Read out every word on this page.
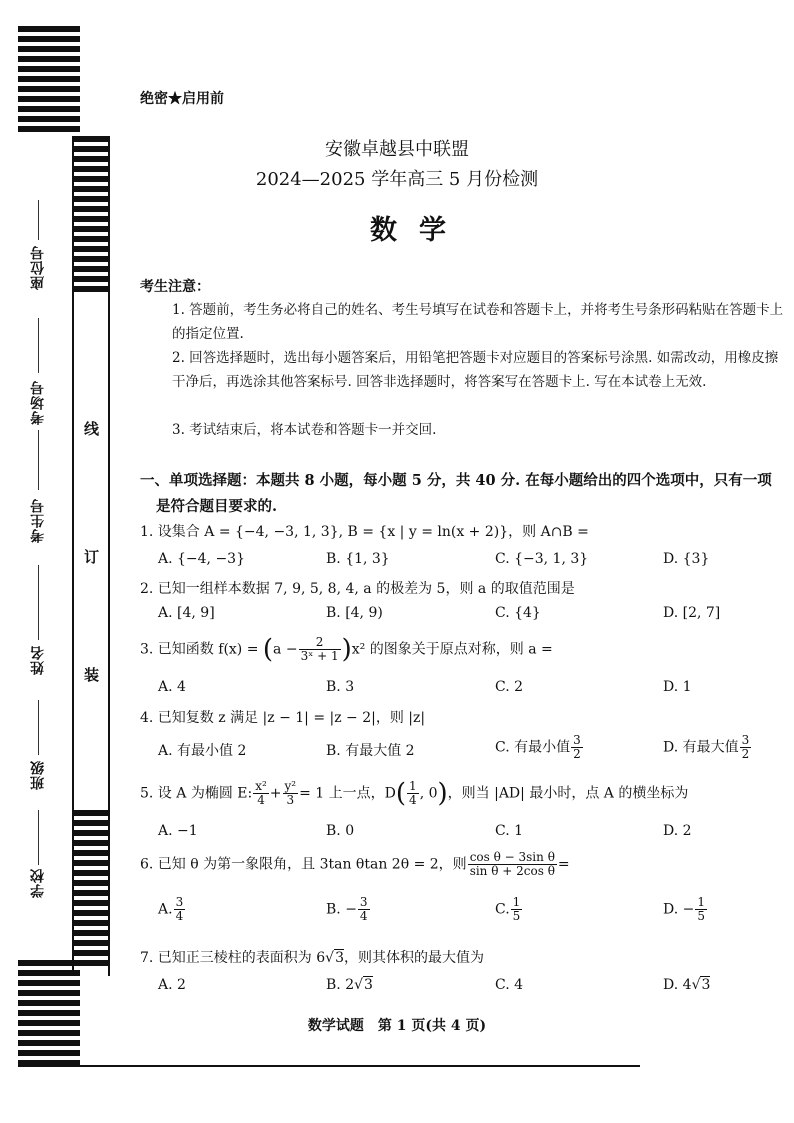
座位号
考场号
考生号
姓名
班级
学校
线
订
装
绝密★启用前
安徽卓越县中联盟
2024—2025 学年高三 5 月份检测
数学
考生注意：
1. 答题前，考生务必将自己的姓名、考生号填写在试卷和答题卡上，并将考生号条形码粘贴在答题卡上的指定位置.
2. 回答选择题时，选出每小题答案后，用铅笔把答题卡对应题目的答案标号涂黑. 如需改动，用橡皮擦干净后，再选涂其他答案标号. 回答非选择题时，将答案写在答题卡上. 写在本试卷上无效.
3. 考试结束后，将本试卷和答题卡一并交回.
一、单项选择题：本题共 8 小题，每小题 5 分，共 40 分. 在每小题给出的四个选项中，只有一项
是符合题目要求的.
1. 设集合 A = {−4, −3, 1, 3}, B = {x | y = ln(x + 2)}，则 A∩B =
A. {−4, −3}	B. {1, 3}	C. {−3, 1, 3}	D. {3}
2. 已知一组样本数据 7, 9, 5, 8, 4, a 的极差为 5，则 a 的取值范围是
A. [4, 9]	B. [4, 9)	C. {4}	D. [2, 7]
3. 已知函数 $f(x) = (a - \frac{2}{\text{3ˣ + 1}} )x^2$ 的图象关于原点对称，则 a =
A. 4	B. 3	C. 2	D. 1
4. 已知复数 z 满足 |z − 1| = |z − 2|，则 |z|
A. 有最小值 2	B. 有最大值 2	C. 有最小值 $\frac{3}{2}$	D. 有最大值 $\frac{3}{2}$
5. 设 A 为椭圆 E: $\frac{\text{x²}}{4} + \frac{\text{y²}}{3} = 1$ 上一点，$D( \frac{1}{4}$ , 0)，则当 |AD| 最小时，点 A 的横坐标为
A. −1	B. 0	C. 1	D. 2
6. 已知 θ 为第一象限角，且 3tan θtan 2θ = 2，则 $\frac{\text{cos θ − 3sin θ}}{\text{sin θ + 2cos θ}}$ =
A. $\frac{3}{4}$	B. − $\frac{3}{4}$	C. $\frac{1}{5}$	D. − $\frac{1}{5}$
7. 已知正三棱柱的表面积为 6√3，则其体积的最大值为
A. 2	B. 2√3	C. 4	D. 4√3
数学试题　第 1 页(共 4 页)
